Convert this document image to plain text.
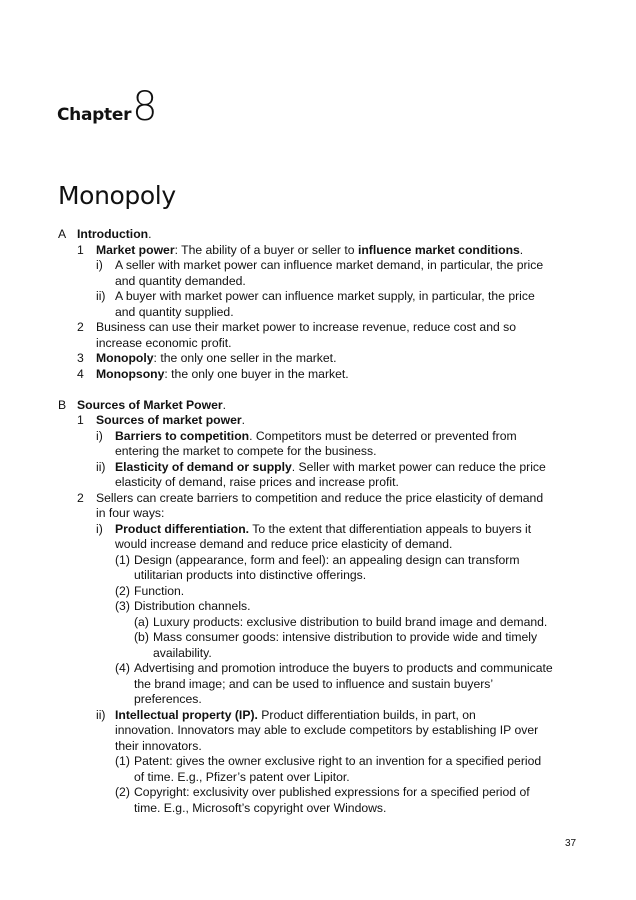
Chapter8
Monopoly
A Introduction.
1 Market power: The ability of a buyer or seller to influence market conditions.
i) A seller with market power can influence market demand, in particular, the price
and quantity demanded.
ii) A buyer with market power can influence market supply, in particular, the price
and quantity supplied.
2 Business can use their market power to increase revenue, reduce cost and so
increase economic profit.
3 Monopoly: the only one seller in the market.
4 Monopsony: the only one buyer in the market.
B Sources of Market Power.
1 Sources of market power.
i) Barriers to competition. Competitors must be deterred or prevented from
entering the market to compete for the business.
ii) Elasticity of demand or supply. Seller with market power can reduce the price
elasticity of demand, raise prices and increase profit.
2 Sellers can create barriers to competition and reduce the price elasticity of demand
in four ways:
i) Product differentiation. To the extent that differentiation appeals to buyers it
would increase demand and reduce price elasticity of demand.
(1) Design (appearance, form and feel): an appealing design can transform
utilitarian products into distinctive offerings.
(2) Function.
(3) Distribution channels.
(a) Luxury products: exclusive distribution to build brand image and demand.
(b) Mass consumer goods: intensive distribution to provide wide and timely
availability.
(4) Advertising and promotion introduce the buyers to products and communicate
the brand image; and can be used to influence and sustain buyers’
preferences.
ii) Intellectual property (IP). Product differentiation builds, in part, on
innovation. Innovators may able to exclude competitors by establishing IP over
their innovators.
(1) Patent: gives the owner exclusive right to an invention for a specified period
of time. E.g., Pfizer’s patent over Lipitor.
(2) Copyright: exclusivity over published expressions for a specified period of
time. E.g., Microsoft’s copyright over Windows.
37
